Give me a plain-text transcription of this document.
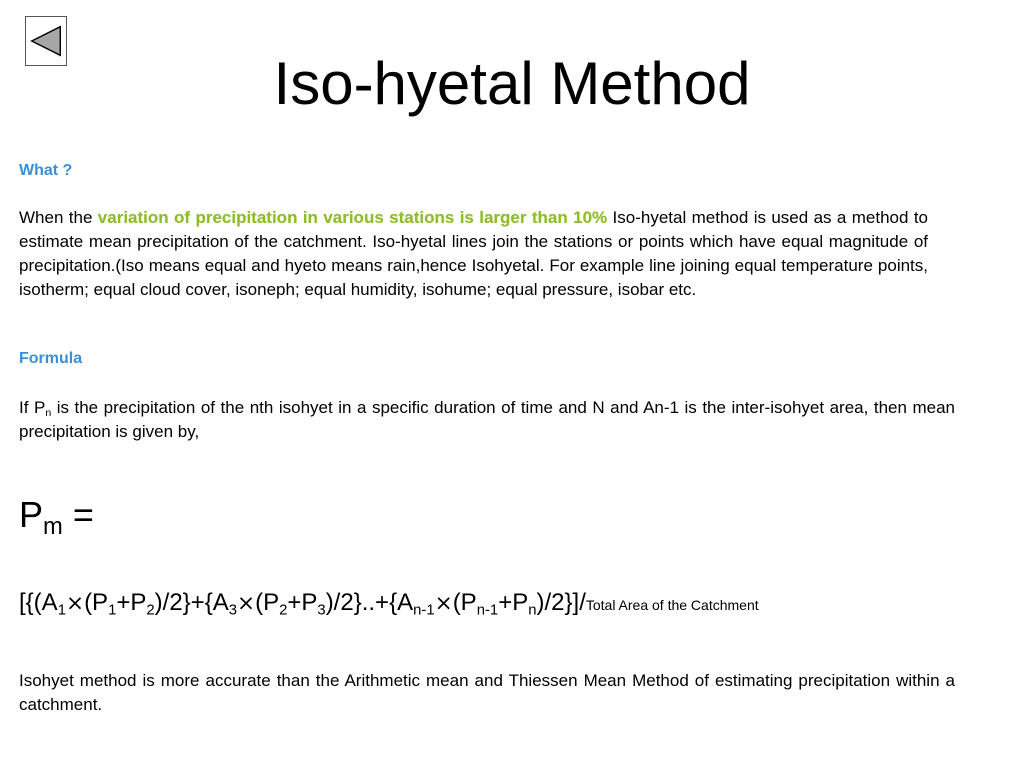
Iso-hyetal Method

What ?

When the variation of precipitation in various stations is larger than 10% Iso-hyetal method is used as a method to estimate mean precipitation of the catchment. Iso-hyetal lines join the stations or points which have equal magnitude of precipitation.(Iso means equal and hyeto means rain,hence Isohyetal. For example line joining equal temperature points, isotherm; equal cloud cover, isoneph; equal humidity, isohume; equal pressure, isobar etc.

Formula

If $P_n$ is the precipitation of the nth isohyet in a specific duration of time and N and An-1 is the inter-isohyet area, then mean precipitation is given by,

$P_m$ =

[$\{(A_1\times(P_1+P_2)/2\}+\{A_3\times(P_2+P_3)/2\}..+\{A_{n-1}\times(P_{n-1}+P_n)/2\}]$/Total Area of the Catchment

Isohyet method is more accurate than the Arithmetic mean and Thiessen Mean Method of estimating precipitation within a catchment.
